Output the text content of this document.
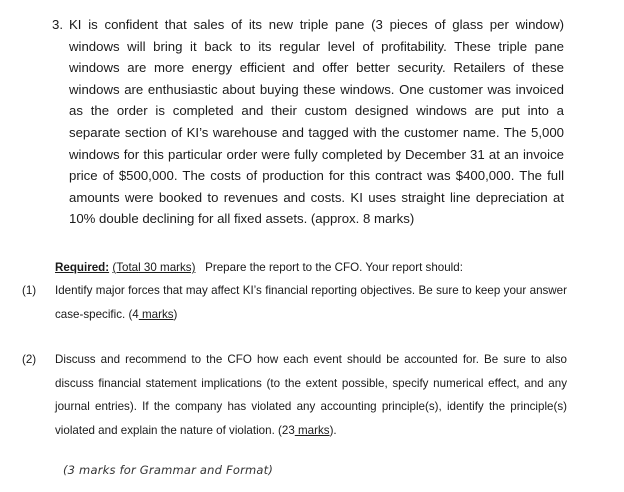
3. KI is confident that sales of its new triple pane (3 pieces of glass per window) windows will bring it back to its regular level of profitability. These triple pane windows are more energy efficient and offer better security. Retailers of these windows are enthusiastic about buying these windows. One customer was invoiced as the order is completed and their custom designed windows are put into a separate section of KI’s warehouse and tagged with the customer name. The 5,000 windows for this particular order were fully completed by December 31 at an invoice price of $500,000. The costs of production for this contract was $400,000. The full amounts were booked to revenues and costs. KI uses straight line depreciation at 10% double declining for all fixed assets. (approx. 8 marks)
Required: (Total 30 marks) Prepare the report to the CFO. Your report should:
(1) Identify major forces that may affect KI’s financial reporting objectives. Be sure to keep your answer case-specific. (4 marks)
(2) Discuss and recommend to the CFO how each event should be accounted for. Be sure to also discuss financial statement implications (to the extent possible, specify numerical effect, and any journal entries). If the company has violated any accounting principle(s), identify the principle(s) violated and explain the nature of violation. (23 marks).
(3 marks for Grammar and Format)
